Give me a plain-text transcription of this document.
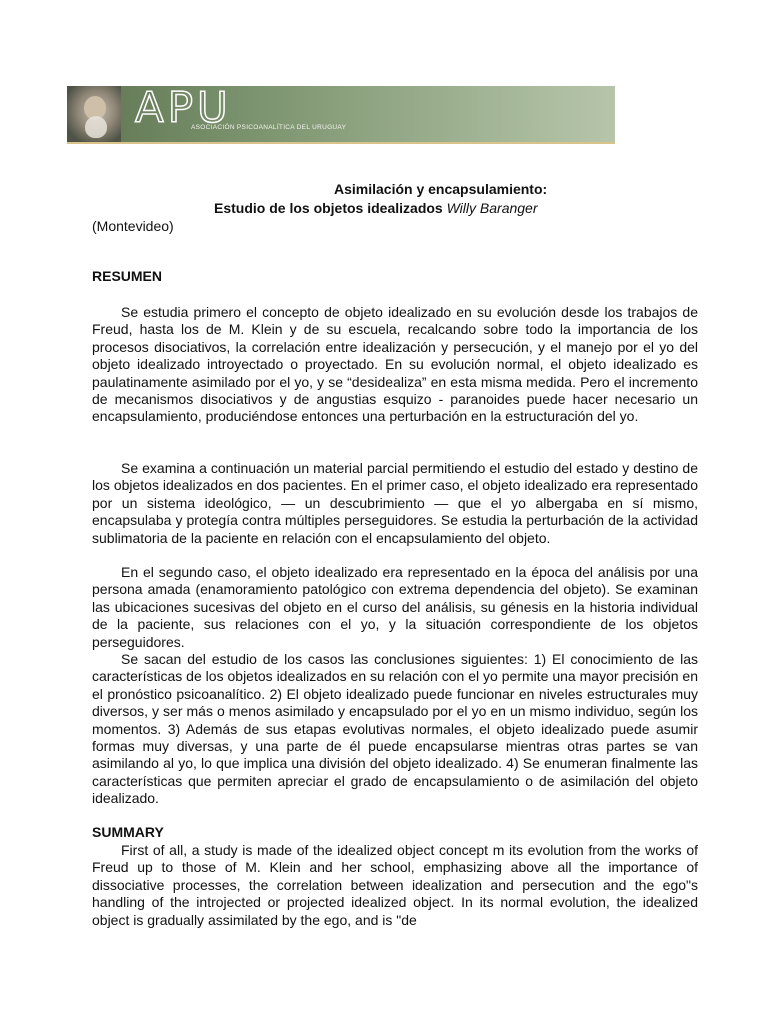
APU
ASOCIACIÓN PSICOANALÍTICA DEL URUGUAY
Asimilación y encapsulamiento:
Estudio de los objetos idealizados Willy Baranger
(Montevideo)
RESUMEN

Se estudia primero el concepto de objeto idealizado en su evolución desde los trabajos de Freud, hasta los de M. Klein y de su escuela, recalcando sobre todo la importancia de los procesos disociativos, la correlación entre idealización y persecución, y el manejo por el yo del objeto idealizado introyectado o proyectado. En su evolución normal, el objeto idealizado es paulatinamente asimilado por el yo, y se “desidealiza” en esta misma medida. Pero el incremento de mecanismos disociativos y de angustias esquizo - paranoides puede hacer necesario un encapsulamiento, produciéndose entonces una perturbación en la estructuración del yo.

Se examina a continuación un material parcial permitiendo el estudio del estado y destino de los objetos idealizados en dos pacientes. En el primer caso, el objeto idealizado era representado por un sistema ideológico, — un descubrimiento — que el yo albergaba en sí mismo, encapsulaba y protegía contra múltiples perseguidores. Se estudia la perturbación de la actividad sublimatoria de la paciente en relación con el encapsulamiento del objeto.

En el segundo caso, el objeto idealizado era representado en la época del análisis por una persona amada (enamoramiento patológico con extrema dependencia del objeto). Se examinan las ubicaciones sucesivas del objeto en el curso del análisis, su génesis en la historia individual de la paciente, sus relaciones con el yo, y la situación correspondiente de los objetos perseguidores.

Se sacan del estudio de los casos las conclusiones siguientes: 1) El conocimiento de las características de los objetos idealizados en su relación con el yo permite una mayor precisión en el pronóstico psicoanalítico. 2) El objeto idealizado puede funcionar en niveles estructurales muy diversos, y ser más o menos asimilado y encapsulado por el yo en un mismo individuo, según los momentos. 3) Además de sus etapas evolutivas normales, el objeto idealizado puede asumir formas muy diversas, y una parte de él puede encapsularse mientras otras partes se van asimilando al yo, lo que implica una división del objeto idealizado. 4) Se enumeran finalmente las características que permiten apreciar el grado de encapsulamiento o de asimilación del objeto idealizado.

SUMMARY

First of all, a study is made of the idealized object concept m its evolution from the works of Freud up to those of M. Klein and her school, emphasizing above all the importance of dissociative processes, the correlation between idealization and persecution and the ego"s handling of the introjected or projected idealized object. In its normal evolution, the idealized object is gradually assimilated by the ego, and is "de
